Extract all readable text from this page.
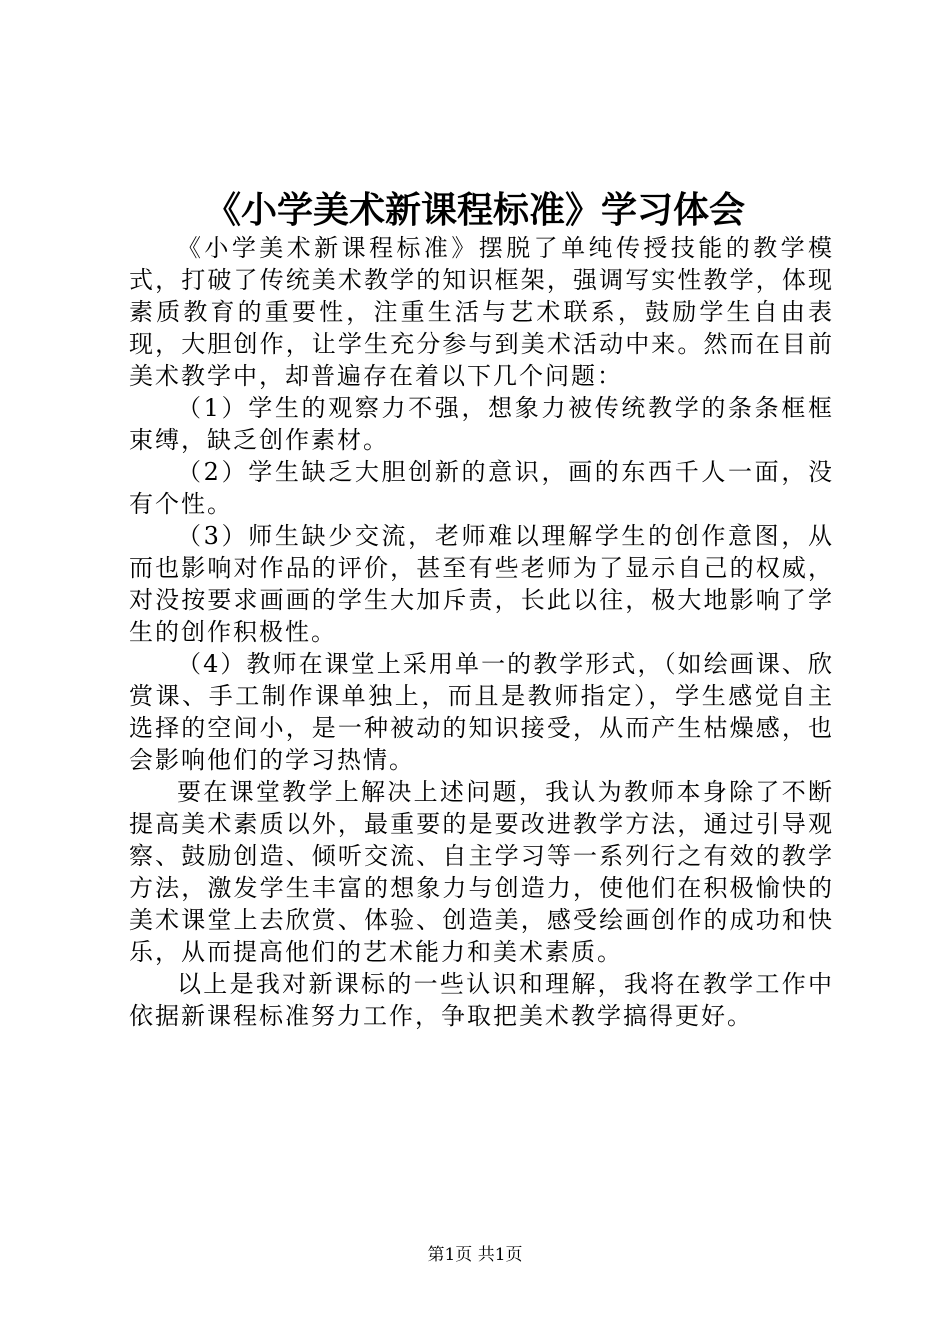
《小学美术新课程标准》学习体会

《小学美术新课程标准》摆脱了单纯传授技能的教学模式，打破了传统美术教学的知识框架，强调写实性教学，体现素质教育的重要性，注重生活与艺术联系，鼓励学生自由表现，大胆创作，让学生充分参与到美术活动中来。然而在目前美术教学中，却普遍存在着以下几个问题：

（1）学生的观察力不强，想象力被传统教学的条条框框束缚，缺乏创作素材。

（2）学生缺乏大胆创新的意识，画的东西千人一面，没有个性。

（3）师生缺少交流，老师难以理解学生的创作意图，从而也影响对作品的评价，甚至有些老师为了显示自己的权威，对没按要求画画的学生大加斥责，长此以往，极大地影响了学生的创作积极性。

（4）教师在课堂上采用单一的教学形式，（如绘画课、欣赏课、手工制作课单独上，而且是教师指定），学生感觉自主选择的空间小，是一种被动的知识接受，从而产生枯燥感，也会影响他们的学习热情。

要在课堂教学上解决上述问题，我认为教师本身除了不断提高美术素质以外，最重要的是要改进教学方法，通过引导观察、鼓励创造、倾听交流、自主学习等一系列行之有效的教学方法，激发学生丰富的想象力与创造力，使他们在积极愉快的美术课堂上去欣赏、体验、创造美，感受绘画创作的成功和快乐，从而提高他们的艺术能力和美术素质。

以上是我对新课标的一些认识和理解，我将在教学工作中依据新课程标准努力工作，争取把美术教学搞得更好。

第1页 共1页
